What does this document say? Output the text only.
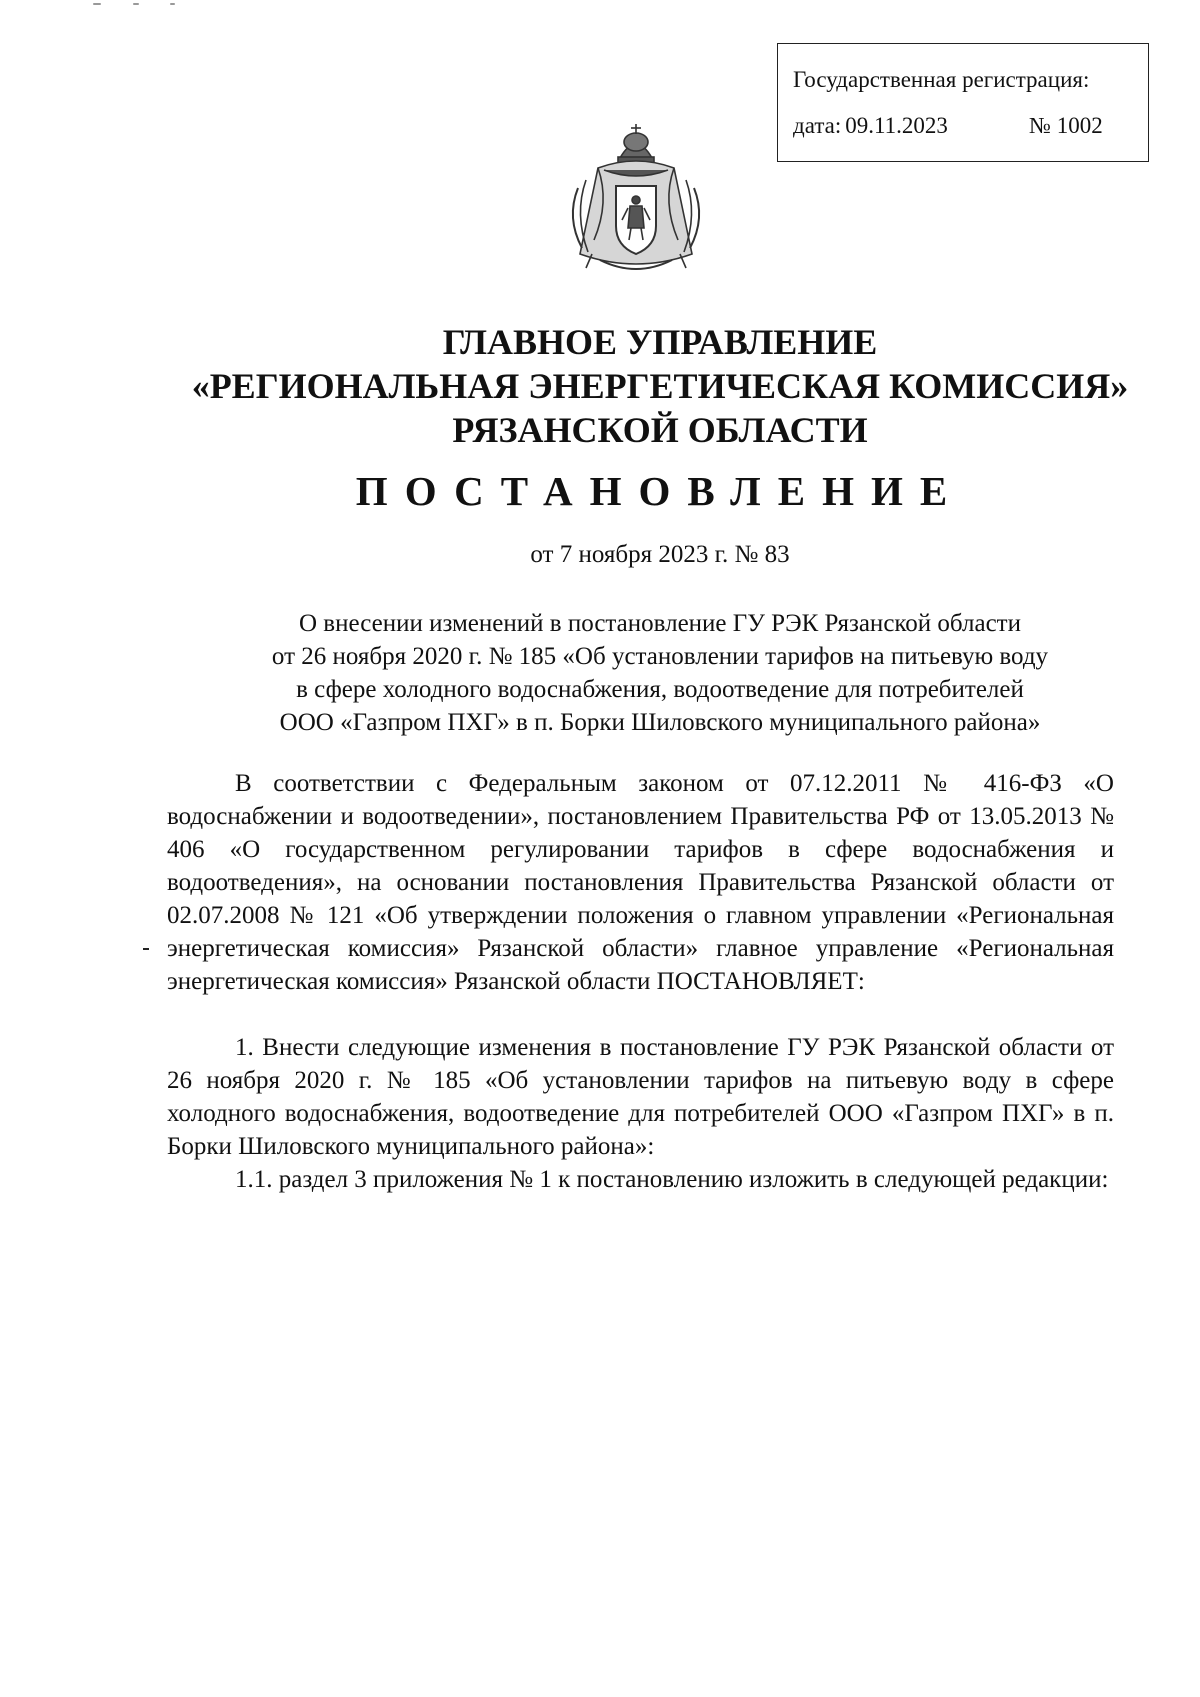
Государственная регистрация:
дата: 09.11.2023	№ 1002
ГЛАВНОЕ УПРАВЛЕНИЕ
«РЕГИОНАЛЬНАЯ ЭНЕРГЕТИЧЕСКАЯ КОМИССИЯ»
РЯЗАНСКОЙ ОБЛАСТИ
ПОСТАНОВЛЕНИЕ
от 7 ноября 2023 г. № 83
О внесении изменений в постановление ГУ РЭК Рязанской области
от 26 ноября 2020 г. № 185 «Об установлении тарифов на питьевую воду
в сфере холодного водоснабжения, водоотведение для потребителей
ООО «Газпром ПХГ» в п. Борки Шиловского муниципального района»

В соответствии с Федеральным законом от 07.12.2011 № 416-ФЗ «О водоснабжении и водоотведении», постановлением Правительства РФ от 13.05.2013 № 406 «О государственном регулировании тарифов в сфере водоснабжения и водоотведения», на основании постановления Правительства Рязанской области от 02.07.2008 № 121 «Об утверждении положения о главном управлении «Региональная энергетическая комиссия» Рязанской области» главное управление «Региональная энергетическая комиссия» Рязанской области ПОСТАНОВЛЯЕТ:

1. Внести следующие изменения в постановление ГУ РЭК Рязанской области от 26 ноября 2020 г. № 185 «Об установлении тарифов на питьевую воду в сфере холодного водоснабжения, водоотведение для потребителей ООО «Газпром ПХГ» в п. Борки Шиловского муниципального района»:

1.1. раздел 3 приложения № 1 к постановлению изложить в следующей редакции:
